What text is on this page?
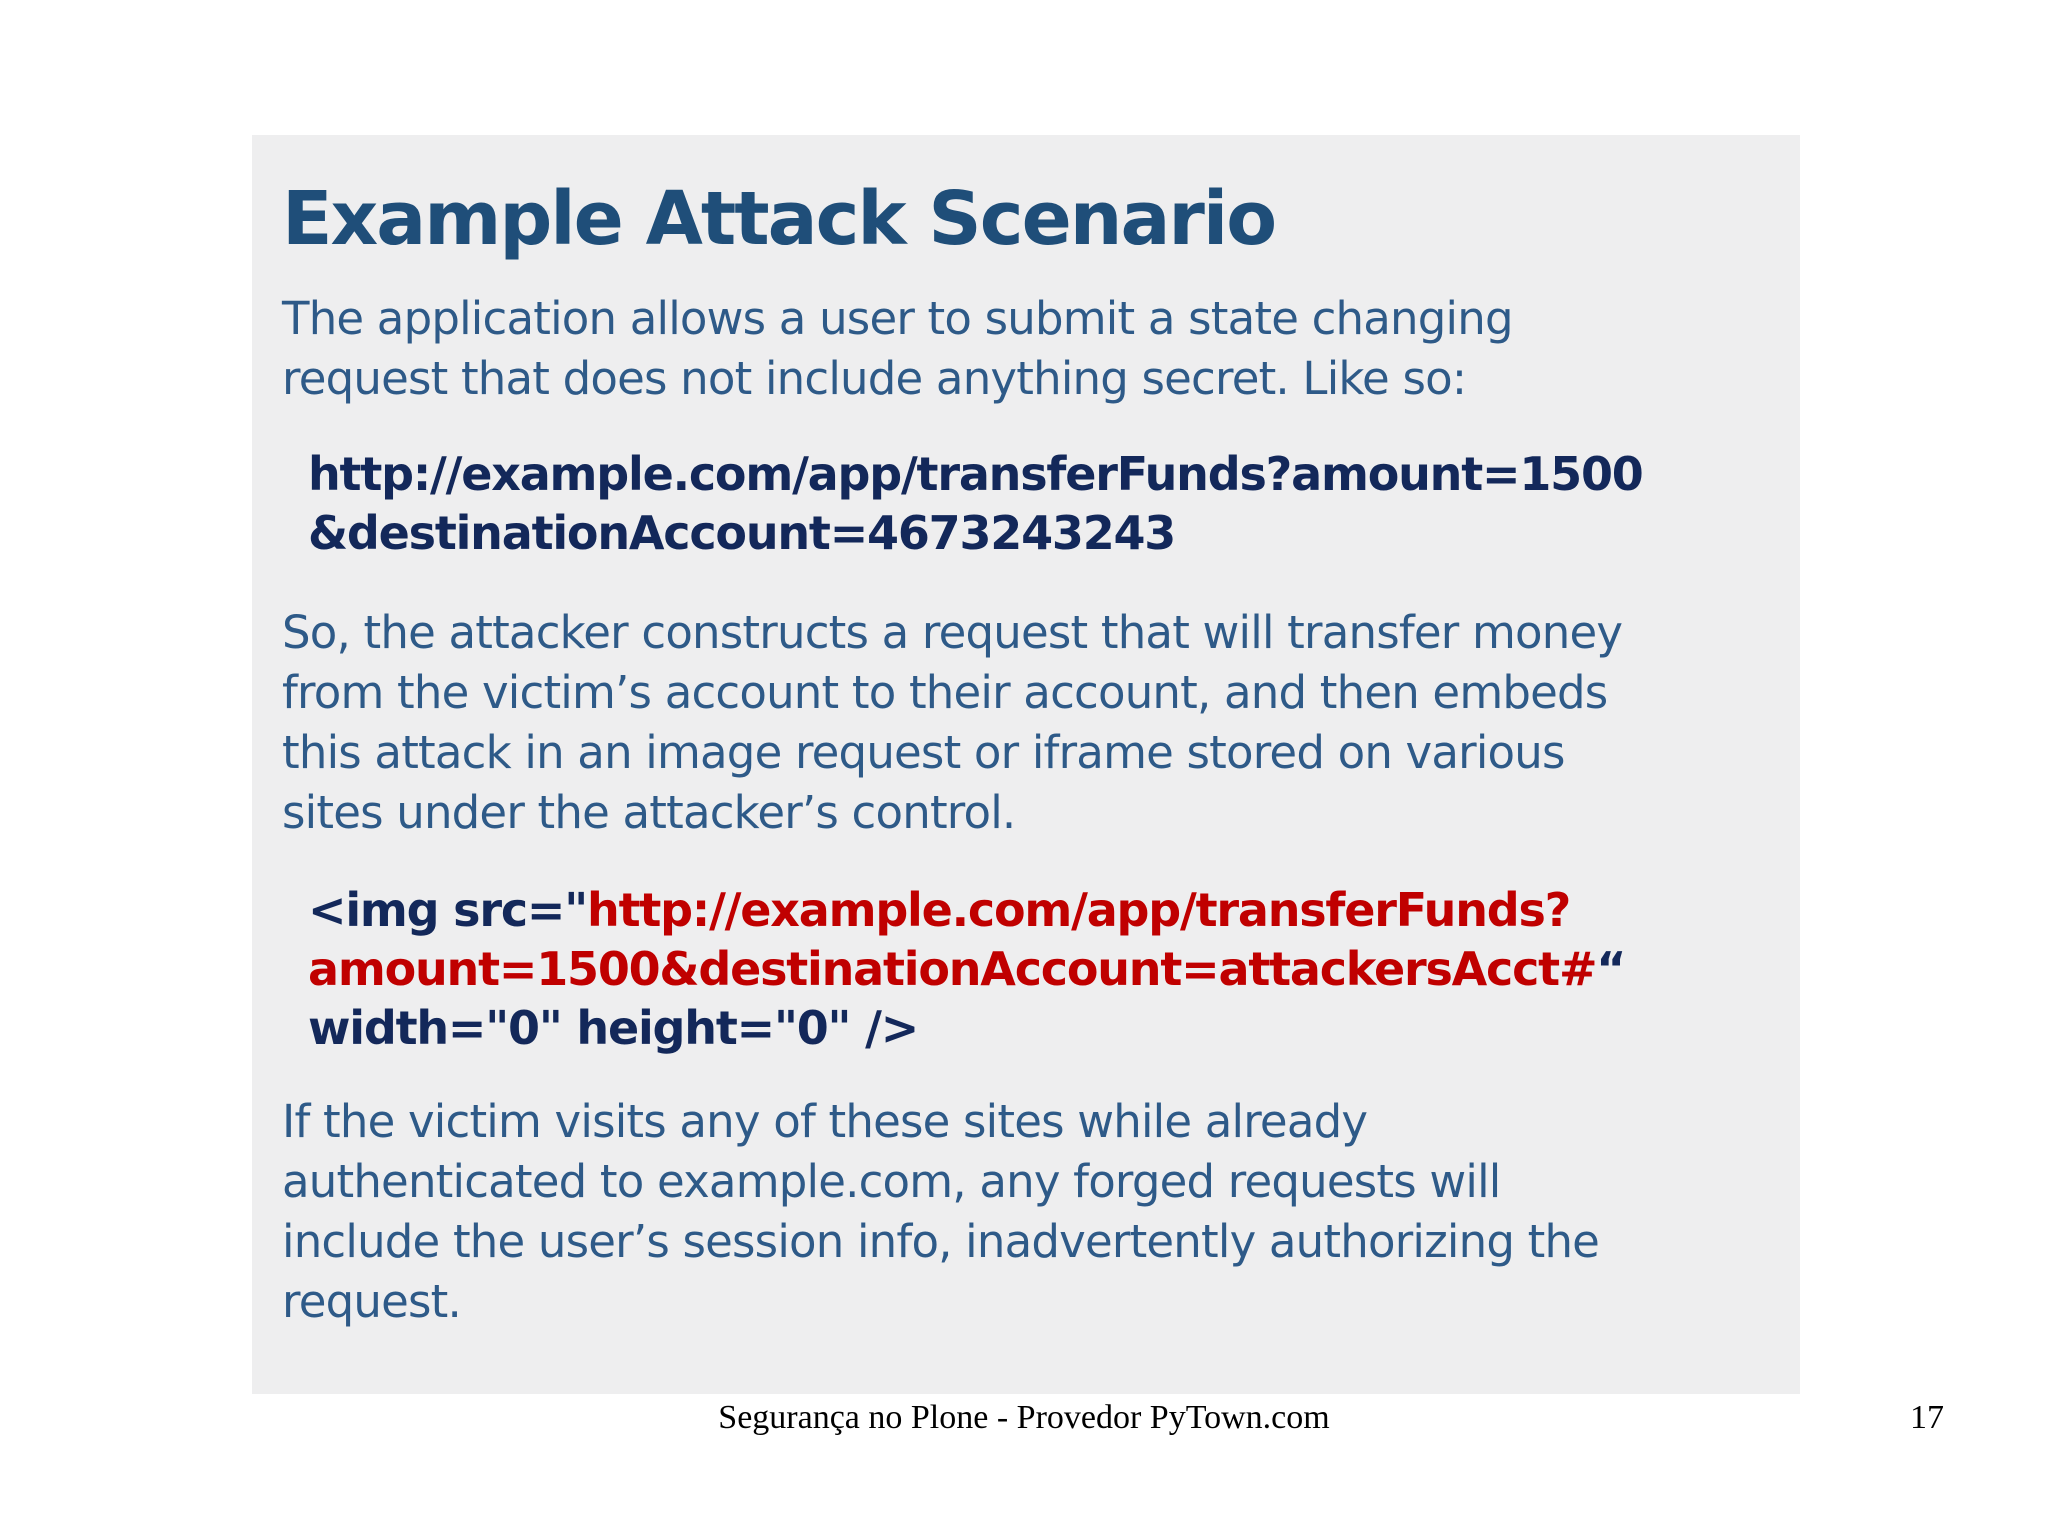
Example Attack Scenario

The application allows a user to submit a state changing
request that does not include anything secret. Like so:

http://example.com/app/transferFunds?amount=1500
&destinationAccount=4673243243

So, the attacker constructs a request that will transfer money
from the victim’s account to their account, and then embeds
this attack in an image request or iframe stored on various
sites under the attacker’s control.

<img src="http://example.com/app/transferFunds?
amount=1500&destinationAccount=attackersAcct#“
width="0" height="0" />

If the victim visits any of these sites while already
authenticated to example.com, any forged requests will
include the user’s session info, inadvertently authorizing the
request.

Segurança no Plone - Provedor PyTown.com	17
